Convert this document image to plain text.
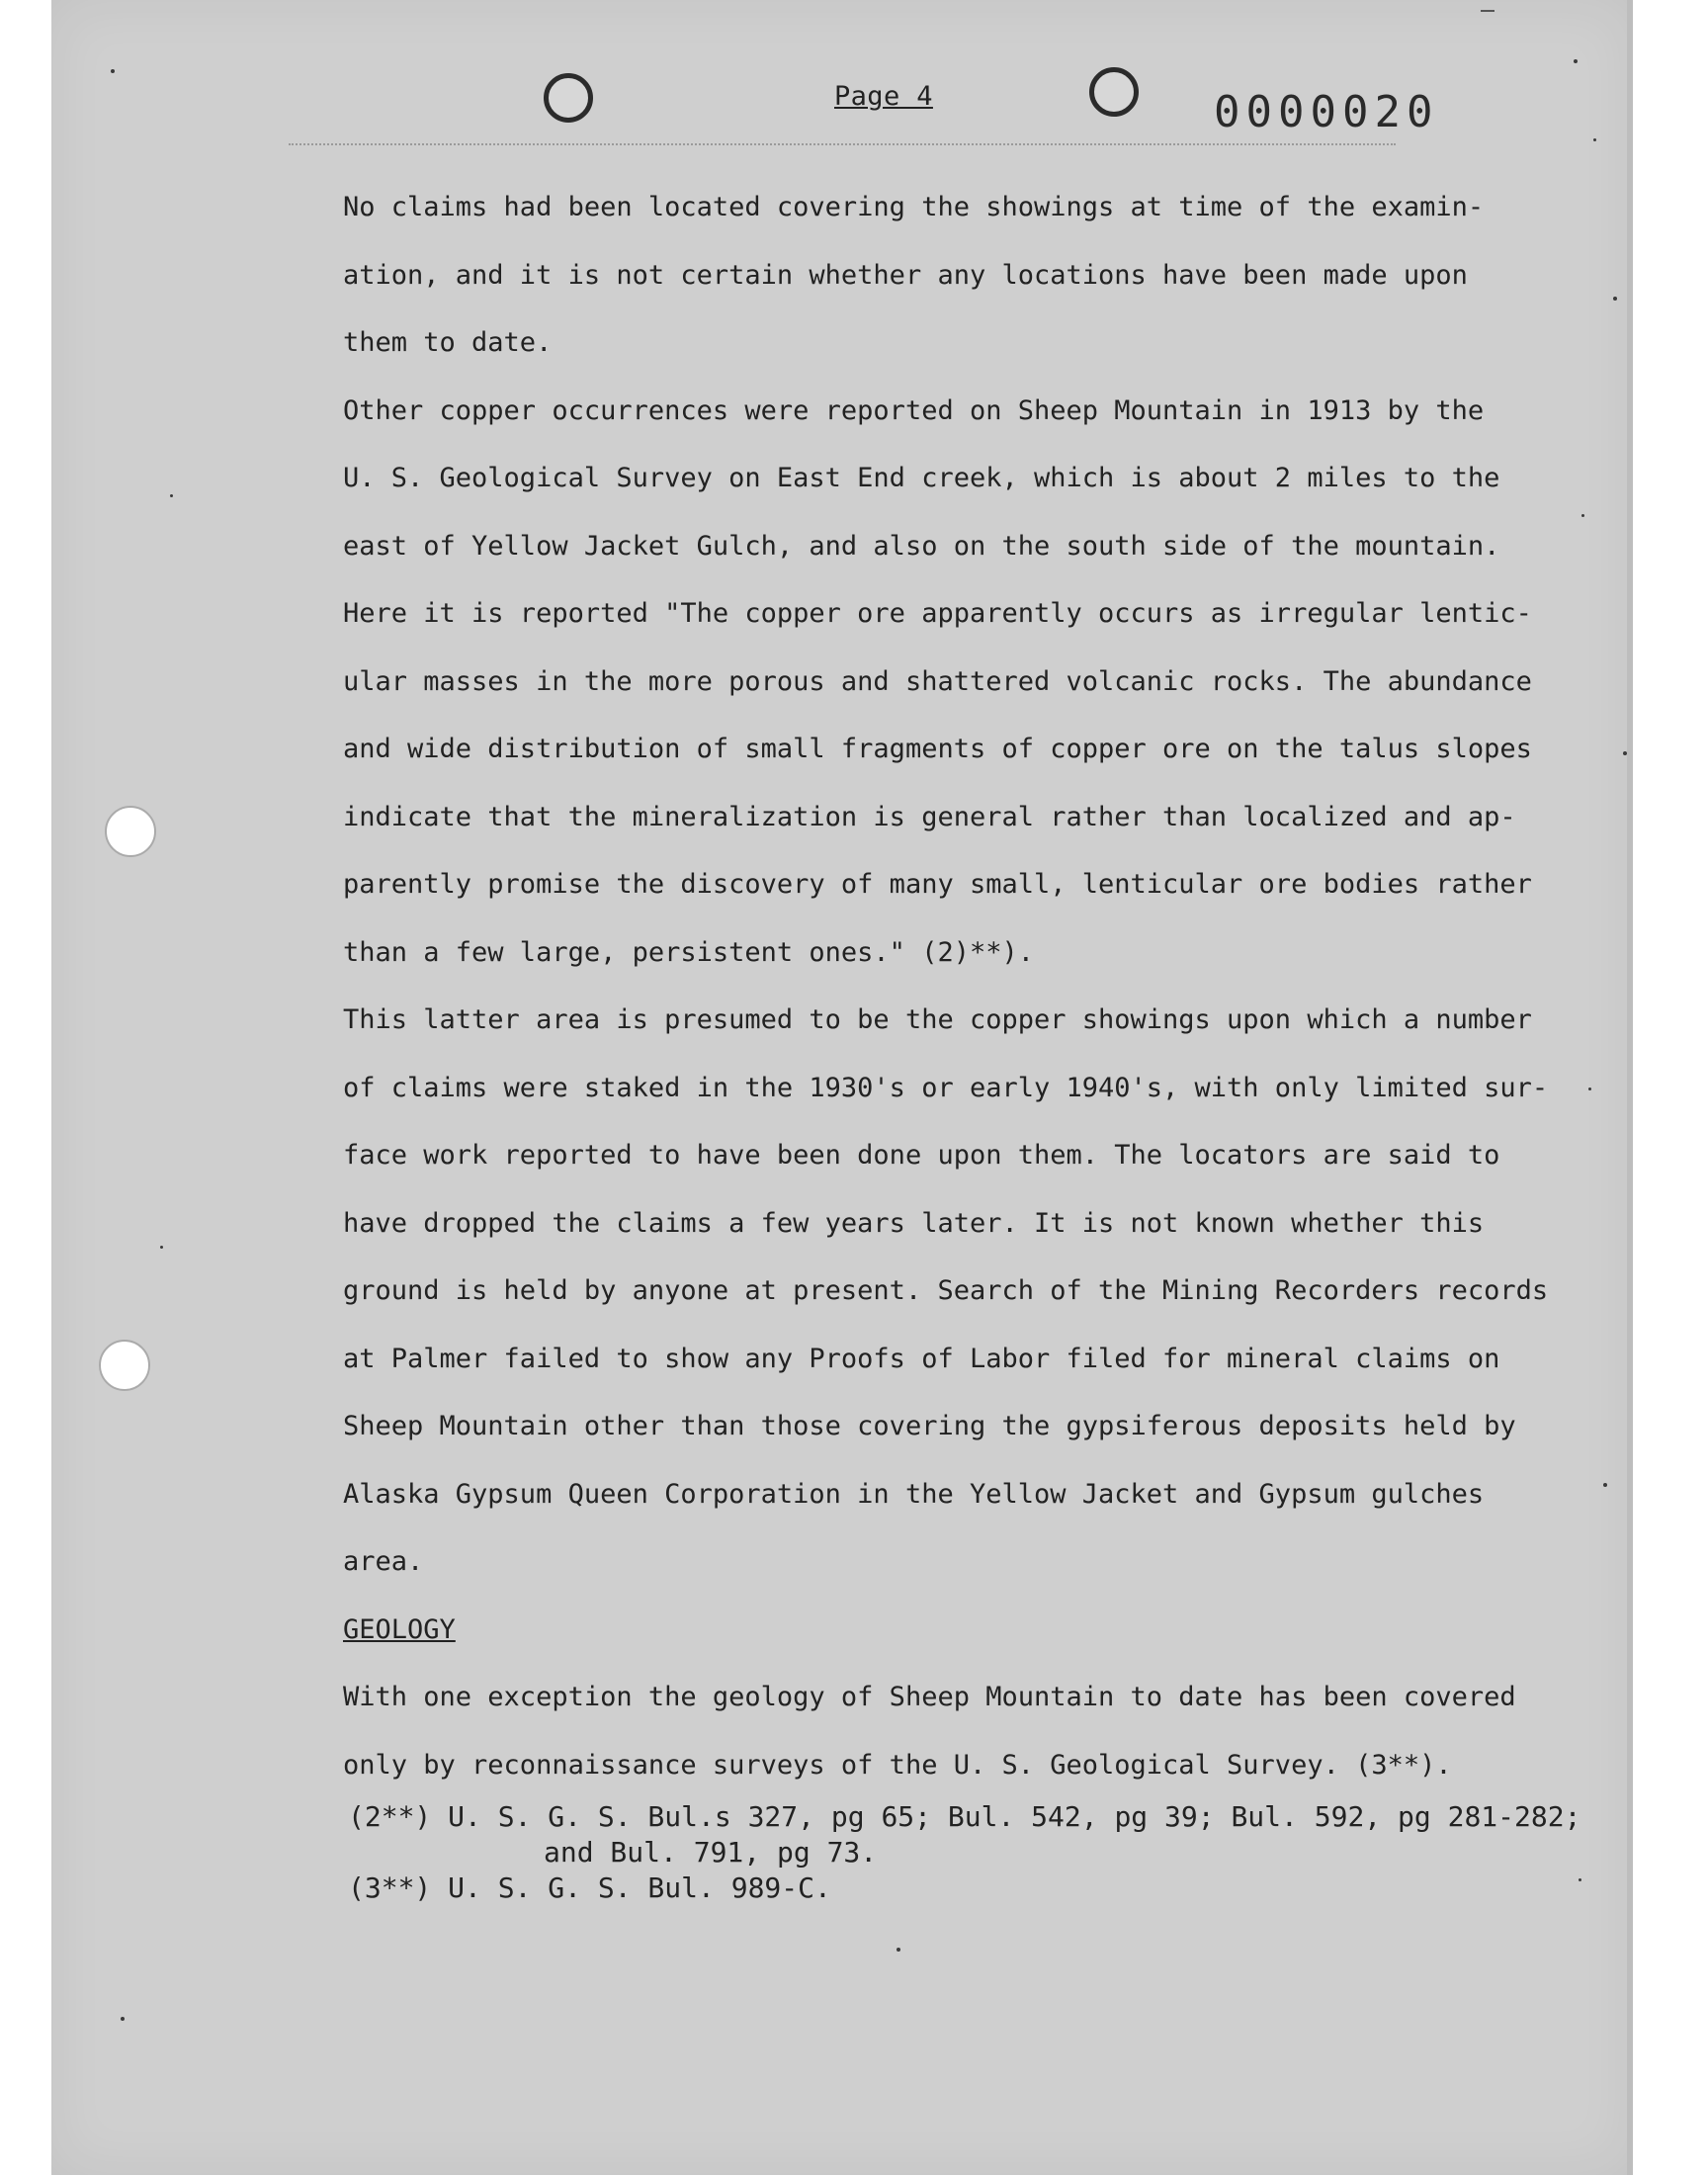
Page 4	0000020
No claims had been located covering the showings at time of the examin-
ation, and it is not certain whether any locations have been made upon
them to date.
Other copper occurrences were reported on Sheep Mountain in 1913 by the
U. S. Geological Survey on East End creek, which is about 2 miles to the
east of Yellow Jacket Gulch, and also on the south side of the mountain.
Here it is reported "The copper ore apparently occurs as irregular lentic-
ular masses in the more porous and shattered volcanic rocks. The abundance
and wide distribution of small fragments of copper ore on the talus slopes
indicate that the mineralization is general rather than localized and ap-
parently promise the discovery of many small, lenticular ore bodies rather
than a few large, persistent ones." (2)**).
This latter area is presumed to be the copper showings upon which a number
of claims were staked in the 1930's or early 1940's, with only limited sur-
face work reported to have been done upon them. The locators are said to
have dropped the claims a few years later. It is not known whether this
ground is held by anyone at present. Search of the Mining Recorders records
at Palmer failed to show any Proofs of Labor filed for mineral claims on
Sheep Mountain other than those covering the gypsiferous deposits held by
Alaska Gypsum Queen Corporation in the Yellow Jacket and Gypsum gulches
area.
GEOLOGY
With one exception the geology of Sheep Mountain to date has been covered
only by reconnaissance surveys of the U. S. Geological Survey. (3**).
(2**) U. S. G. S. Bul.s 327, pg 65; Bul. 542, pg 39; Bul. 592, pg 281-282;
and Bul. 791, pg 73.
(3**) U. S. G. S. Bul. 989-C.
